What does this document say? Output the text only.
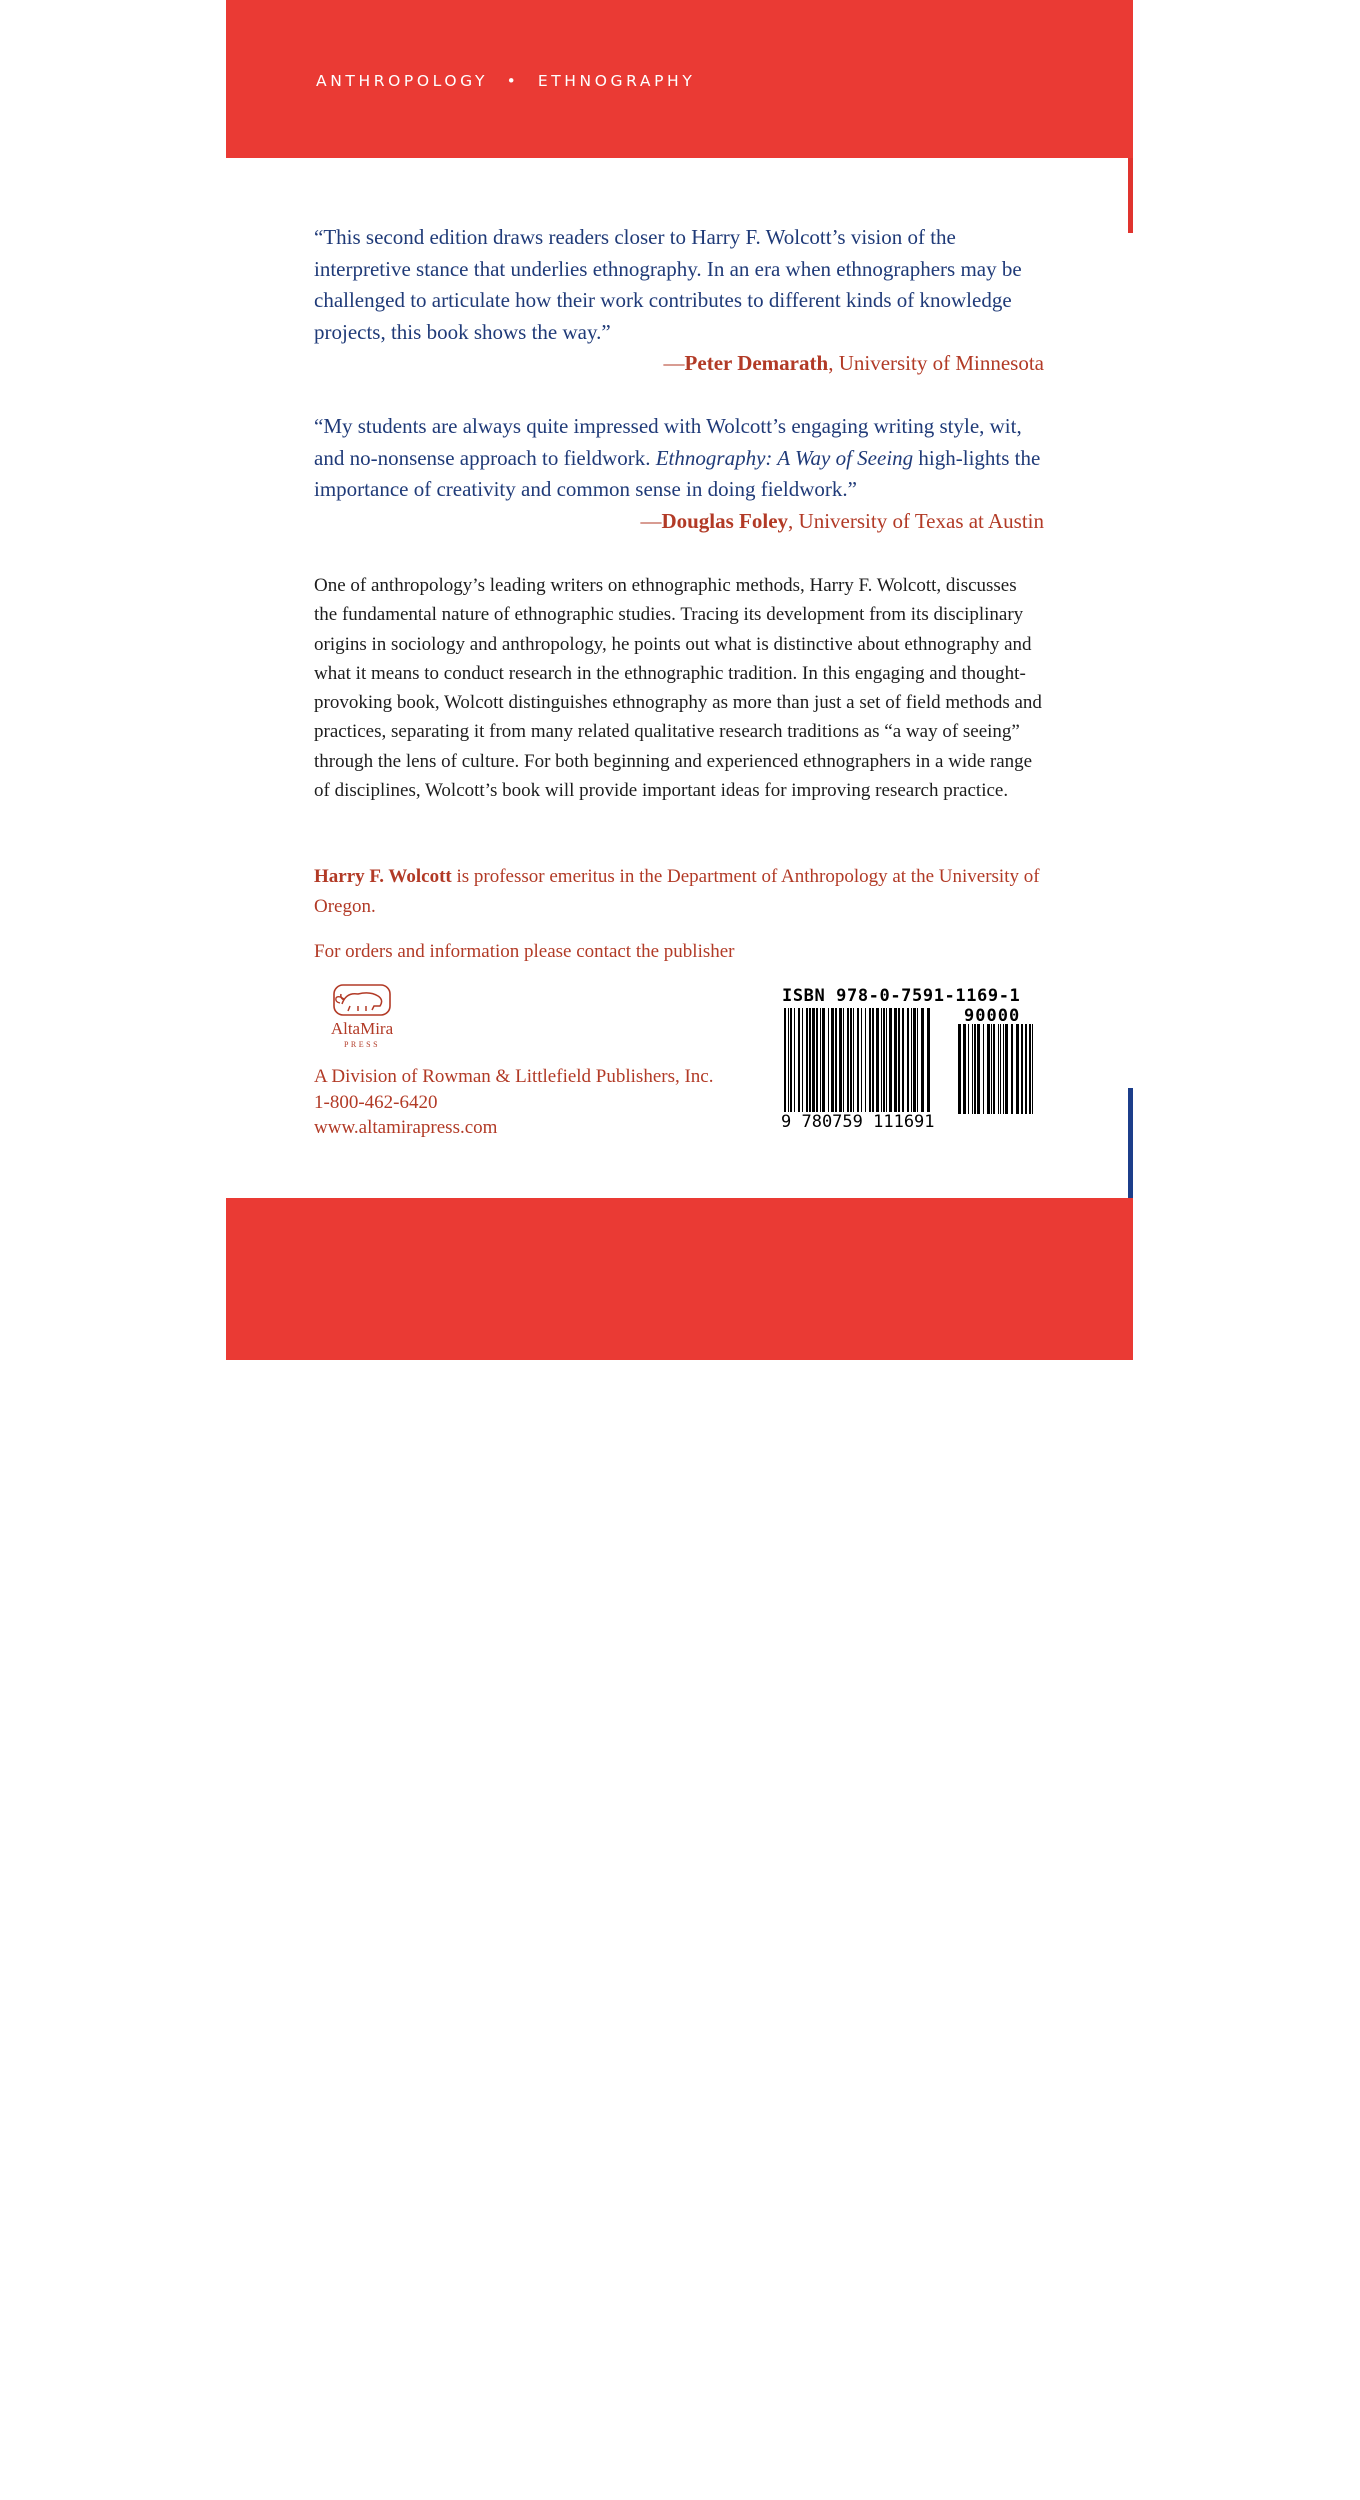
ANTHROPOLOGY • ETHNOGRAPHY
“This second edition draws readers closer to Harry F. Wolcott’s vision of the interpretive stance that underlies ethnography. In an era when ethnographers may be challenged to articulate how their work contributes to different kinds of knowledge projects, this book shows the way.”
—Peter Demarath, University of Minnesota
“My students are always quite impressed with Wolcott’s engaging writing style, wit, and no-nonsense approach to fieldwork. Ethnography: A Way of Seeing high-lights the importance of creativity and common sense in doing fieldwork.”
—Douglas Foley, University of Texas at Austin
One of anthropology’s leading writers on ethnographic methods, Harry F. Wolcott, discusses the fundamental nature of ethnographic studies. Tracing its development from its disciplinary origins in sociology and anthropology, he points out what is distinctive about ethnography and what it means to conduct research in the ethnographic tradition. In this engaging and thought-provoking book, Wolcott distinguishes ethnography as more than just a set of field methods and practices, separating it from many related qualitative research traditions as “a way of seeing” through the lens of culture. For both beginning and experienced ethnographers in a wide range of disciplines, Wolcott’s book will provide important ideas for improving research practice.
Harry F. Wolcott is professor emeritus in the Department of Anthropology at the University of Oregon.
For orders and information please contact the publisher
AltaMira
PRESS
A Division of Rowman & Littlefield Publishers, Inc.
1-800-462-6420
www.altamirapress.com
ISBN 978-0-7591-1169-1
90000
9 780759 111691
Cover image: Art Rat/Workbook Stock/Jupiterimages
Cover design by Jen Huppert Design
